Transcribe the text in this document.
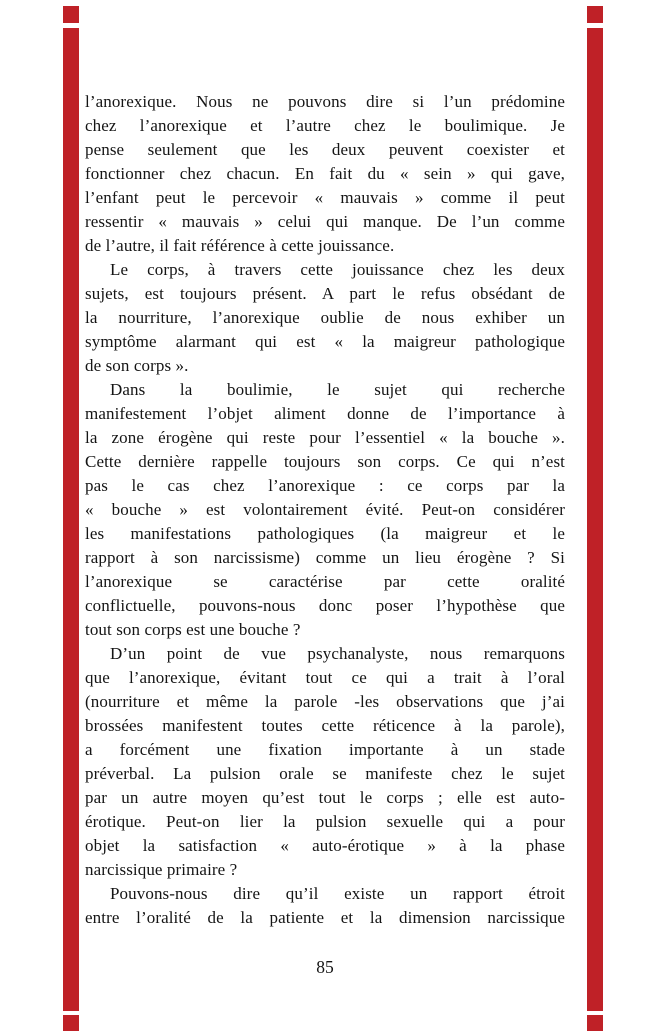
l’anorexique. Nous ne pouvons dire si l’un prédomine
chez l’anorexique et l’autre chez le boulimique. Je
pense seulement que les deux peuvent coexister et
fonctionner chez chacun. En fait du « sein » qui gave,
l’enfant peut le percevoir « mauvais » comme il peut
ressentir « mauvais » celui qui manque. De l’un comme
de l’autre, il fait référence à cette jouissance.
Le corps, à travers cette jouissance chez les deux
sujets, est toujours présent. A part le refus obsédant de
la nourriture, l’anorexique oublie de nous exhiber un
symptôme alarmant qui est « la maigreur pathologique
de son corps ».
Dans la boulimie, le sujet qui recherche
manifestement l’objet aliment donne de l’importance à
la zone érogène qui reste pour l’essentiel « la bouche ».
Cette dernière rappelle toujours son corps. Ce qui n’est
pas le cas chez l’anorexique : ce corps par la
« bouche » est volontairement évité. Peut-on considérer
les manifestations pathologiques (la maigreur et le
rapport à son narcissisme) comme un lieu érogène ? Si
l’anorexique se caractérise par cette oralité
conflictuelle, pouvons-nous donc poser l’hypothèse que
tout son corps est une bouche ?
D’un point de vue psychanalyste, nous remarquons
que l’anorexique, évitant tout ce qui a trait à l’oral
(nourriture et même la parole -les observations que j’ai
brossées manifestent toutes cette réticence à la parole),
a forcément une fixation importante à un stade
préverbal. La pulsion orale se manifeste chez le sujet
par un autre moyen qu’est tout le corps ; elle est auto-
érotique. Peut-on lier la pulsion sexuelle qui a pour
objet la satisfaction « auto-érotique » à la phase
narcissique primaire ?
Pouvons-nous dire qu’il existe un rapport étroit
entre l’oralité de la patiente et la dimension narcissique
85
